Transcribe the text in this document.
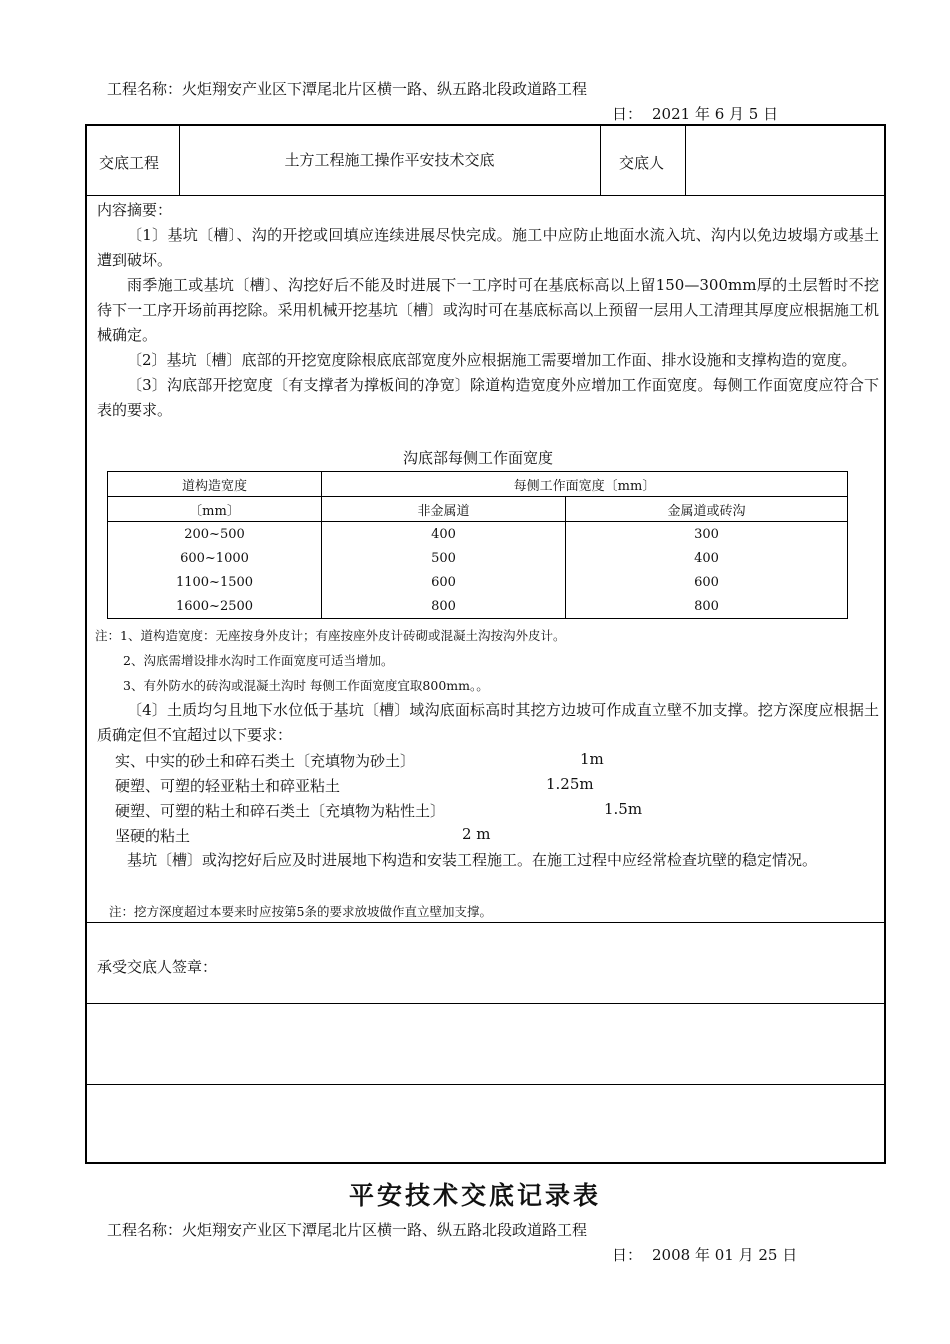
工程名称：火炬翔安产业区下潭尾北片区横一路、纵五路北段政道路工程
日： 2021 年 6 月 5 日
交底工程	土方工程施工操作平安技术交底	交底人

内容摘要：

〔1〕基坑〔槽〕、沟的开挖或回填应连续进展尽快完成。施工中应防止地面水流入坑、沟内以免边坡塌方或基土遭到破坏。

雨季施工或基坑〔槽〕、沟挖好后不能及时进展下一工序时可在基底标高以上留150—300mm厚的土层暂时不挖待下一工序开场前再挖除。采用机械开挖基坑〔槽〕或沟时可在基底标高以上预留一层用人工清理其厚度应根据施工机械确定。

〔2〕基坑〔槽〕底部的开挖宽度除根底底部宽度外应根据施工需要增加工作面、排水设施和支撑构造的宽度。

〔3〕沟底部开挖宽度〔有支撑者为撑板间的净宽〕除道构造宽度外应增加工作面宽度。每侧工作面宽度应符合下表的要求。

沟底部每侧工作面宽度
道构造宽度	每侧工作面宽度〔mm〕	
〔mm〕	非金属道	金属道或砖沟
200~500	400	300
600~1000	500	400
1100~1500	600	600
1600~2500	800	800
注：1、道构造宽度：无座按身外皮计；有座按座外皮计砖砌或混凝土沟按沟外皮计。
2、沟底需增设排水沟时工作面宽度可适当增加。
3、有外防水的砖沟或混凝土沟时 每侧工作面宽度宜取800mm。。

〔4〕土质均匀且地下水位低于基坑〔槽〕域沟底面标高时其挖方边坡可作成直立壁不加支撑。挖方深度应根据土质确定但不宜超过以下要求：

实、中实的砂土和碎石类土〔充填物为砂土〕	1m
硬塑、可塑的轻亚粘土和碎亚粘土	1.25m
硬塑、可塑的粘土和碎石类土〔充填物为粘性土〕	1.5m
坚硬的粘土	2 m

基坑〔槽〕或沟挖好后应及时进展地下构造和安装工程施工。在施工过程中应经常检查坑壁的稳定情况。

注：挖方深度超过本要来时应按第5条的要求放坡做作直立壁加支撑。
承受交底人签章：
平安技术交底记录表
工程名称：火炬翔安产业区下潭尾北片区横一路、纵五路北段政道路工程
日： 2008 年 01 月 25 日
